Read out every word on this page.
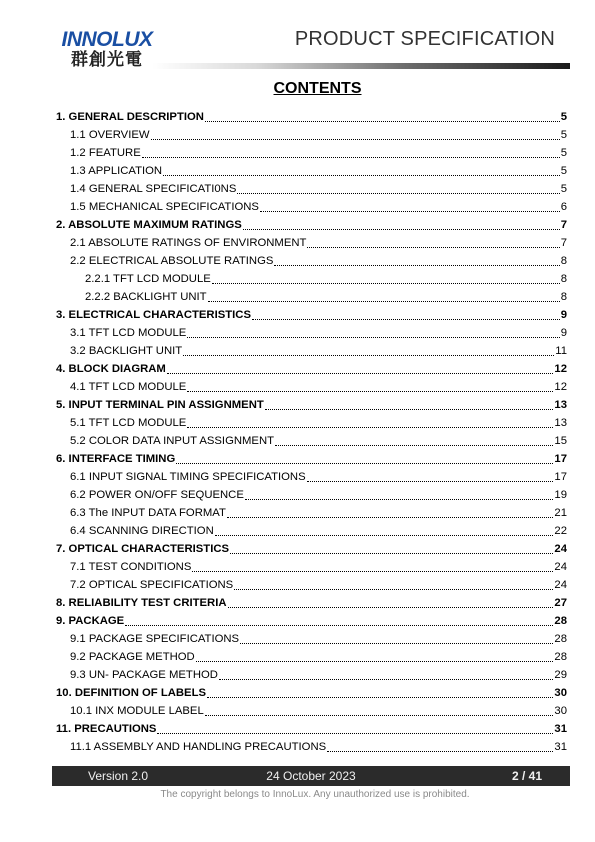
INNOLUX
群創光電
PRODUCT SPECIFICATION
CONTENTS
1. GENERAL DESCRIPTION	5
1.1 OVERVIEW	5
1.2 FEATURE	5
1.3 APPLICATION	5
1.4 GENERAL SPECIFICATI0NS	5
1.5 MECHANICAL SPECIFICATIONS	6
2. ABSOLUTE MAXIMUM RATINGS	7
2.1 ABSOLUTE RATINGS OF ENVIRONMENT	7
2.2 ELECTRICAL ABSOLUTE RATINGS	8
2.2.1 TFT LCD MODULE	8
2.2.2 BACKLIGHT UNIT	8
3. ELECTRICAL CHARACTERISTICS	9
3.1 TFT LCD MODULE	9
3.2 BACKLIGHT UNIT	11
4. BLOCK DIAGRAM	12
4.1 TFT LCD MODULE	12
5. INPUT TERMINAL PIN ASSIGNMENT	13
5.1 TFT LCD MODULE	13
5.2 COLOR DATA INPUT ASSIGNMENT	15
6. INTERFACE TIMING	17
6.1 INPUT SIGNAL TIMING SPECIFICATIONS	17
6.2 POWER ON/OFF SEQUENCE	19
6.3 The INPUT DATA FORMAT	21
6.4 SCANNING DIRECTION	22
7. OPTICAL CHARACTERISTICS	24
7.1 TEST CONDITIONS	24
7.2 OPTICAL SPECIFICATIONS	24
8. RELIABILITY TEST CRITERIA	27
9. PACKAGE	28
9.1 PACKAGE SPECIFICATIONS	28
9.2 PACKAGE METHOD	28
9.3 UN- PACKAGE METHOD	29
10. DEFINITION OF LABELS	30
10.1 INX MODULE LABEL	30
11. PRECAUTIONS	31
11.1 ASSEMBLY AND HANDLING PRECAUTIONS	31
Version 2.0	24 October 2023	2 / 41
The copyright belongs to InnoLux. Any unauthorized use is prohibited.
